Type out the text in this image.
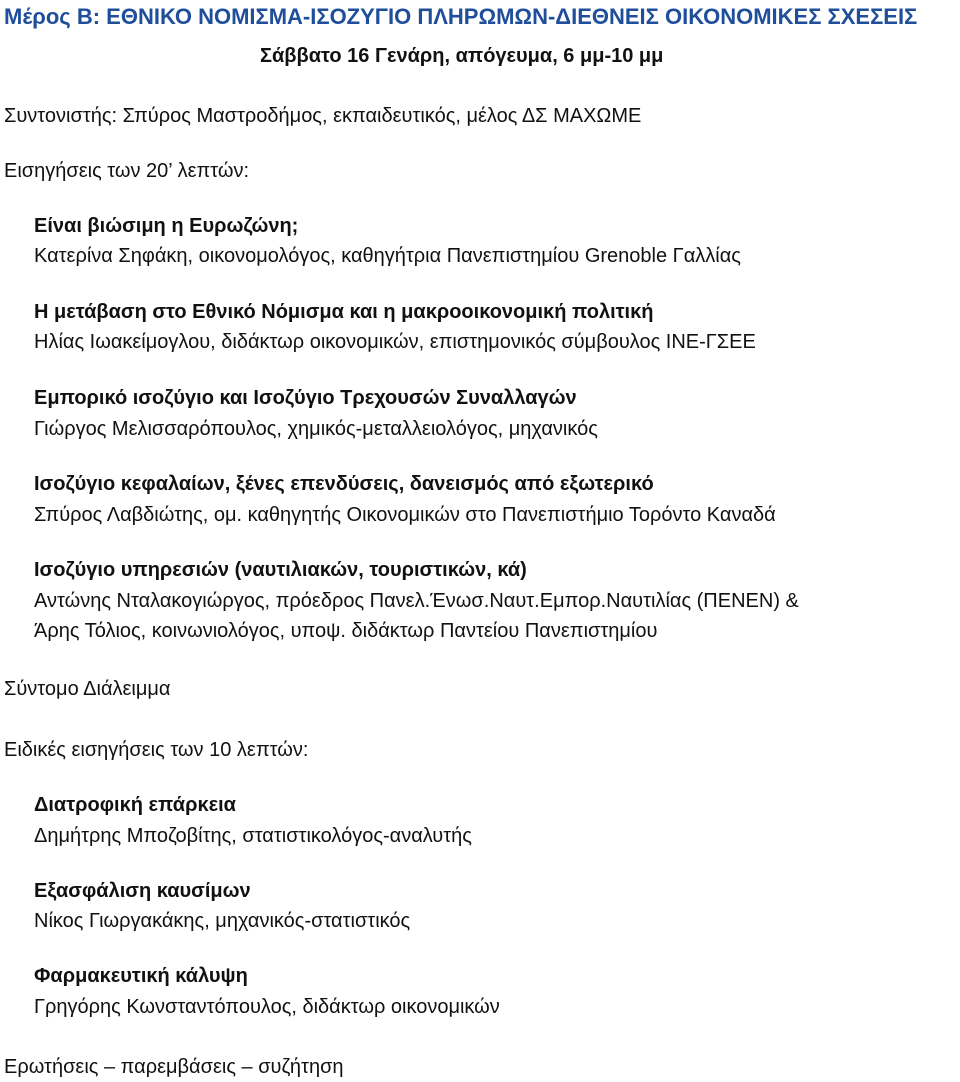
Μέρος Β: ΕΘΝΙΚΟ ΝΟΜΙΣΜΑ-ΙΣΟΖΥΓΙΟ ΠΛΗΡΩΜΩΝ-ΔΙΕΘΝΕΙΣ ΟΙΚΟΝΟΜΙΚΕΣ ΣΧΕΣΕΙΣ
Σάββατο 16 Γενάρη, απόγευμα, 6 μμ-10 μμ
Συντονιστής: Σπύρος Μαστροδήμος, εκπαιδευτικός, μέλος ΔΣ ΜΑΧΩΜΕ
Εισηγήσεις των 20’ λεπτών:
Είναι βιώσιμη η Ευρωζώνη;
Κατερίνα Σηφάκη, οικονομολόγος, καθηγήτρια Πανεπιστημίου Grenoble Γαλλίας
Η μετάβαση στο Εθνικό Νόμισμα και η μακροοικονομική πολιτική
Ηλίας Ιωακείμογλου, διδάκτωρ οικονομικών, επιστημονικός σύμβουλος ΙΝΕ-ΓΣΕΕ
Εμπορικό ισοζύγιο και Ισοζύγιο Τρεχουσών Συναλλαγών
Γιώργος Μελισσαρόπουλος, χημικός-μεταλλειολόγος, μηχανικός
Ισοζύγιο κεφαλαίων, ξένες επενδύσεις, δανεισμός από εξωτερικό
Σπύρος Λαβδιώτης, ομ. καθηγητής Οικονομικών στο Πανεπιστήμιο Τορόντο Καναδά
Ισοζύγιο υπηρεσιών (ναυτιλιακών, τουριστικών, κά)
Αντώνης Νταλακογιώργος, πρόεδρος Πανελ.Ένωσ.Ναυτ.Εμπορ.Ναυτιλίας (ΠΕΝΕΝ) &
Άρης Τόλιος, κοινωνιολόγος, υποψ. διδάκτωρ Παντείου Πανεπιστημίου
Σύντομο Διάλειμμα
Ειδικές εισηγήσεις των 10 λεπτών:
Διατροφική επάρκεια
Δημήτρης Μποζοβίτης, στατιστικολόγος-αναλυτής
Εξασφάλιση καυσίμων
Νίκος Γιωργακάκης, μηχανικός-στατιστικός
Φαρμακευτική κάλυψη
Γρηγόρης Κωνσταντόπουλος, διδάκτωρ οικονομικών
Ερωτήσεις – παρεμβάσεις – συζήτηση
